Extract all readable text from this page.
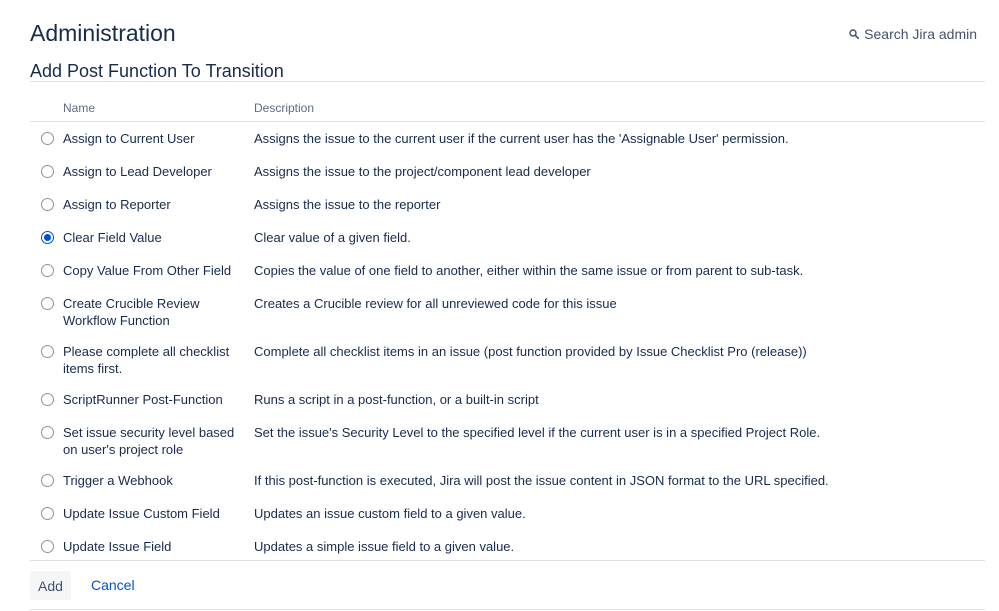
Administration	Search Jira admin
Add Post Function To Transition
	Name	Description
	Assign to Current User	Assigns the issue to the current user if the current user has the 'Assignable User' permission.
	Assign to Lead Developer	Assigns the issue to the project/component lead developer
	Assign to Reporter	Assigns the issue to the reporter
	Clear Field Value	Clear value of a given field.
	Copy Value From Other Field	Copies the value of one field to another, either within the same issue or from parent to sub-task.
	Create Crucible Review Workflow Function	Creates a Crucible review for all unreviewed code for this issue
	Please complete all checklist items first.	Complete all checklist items in an issue (post function provided by Issue Checklist Pro (release))
	ScriptRunner Post-Function	Runs a script in a post-function, or a built-in script
	Set issue security level based on user's project role	Set the issue's Security Level to the specified level if the current user is in a specified Project Role.
	Trigger a Webhook	If this post-function is executed, Jira will post the issue content in JSON format to the URL specified.
	Update Issue Custom Field	Updates an issue custom field to a given value.
	Update Issue Field	Updates a simple issue field to a given value.
Add	Cancel
